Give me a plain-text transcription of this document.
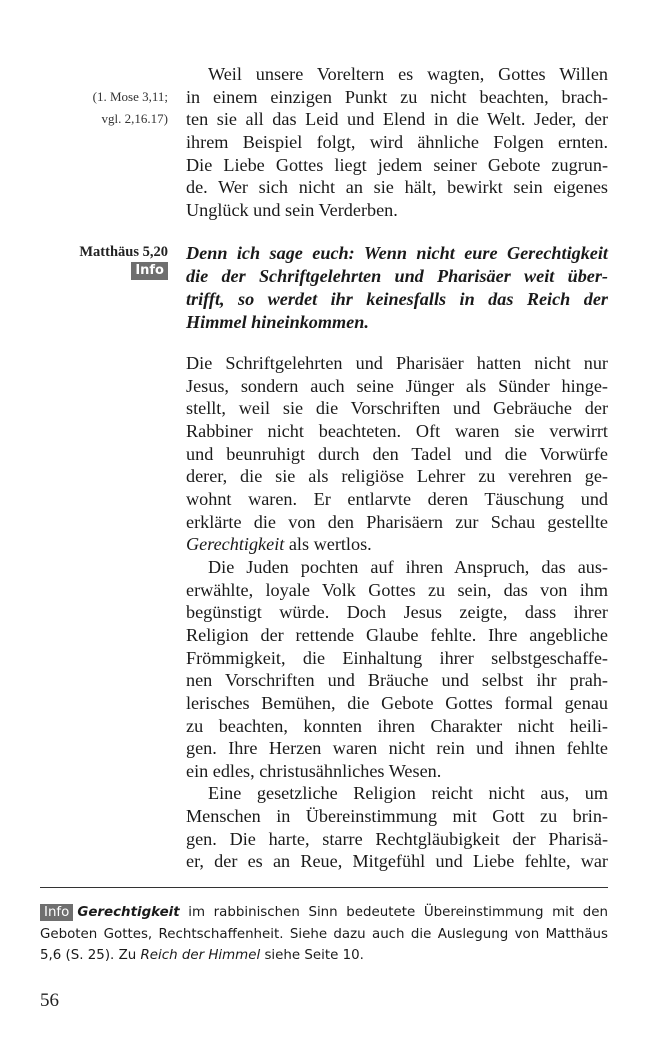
(1. Mose 3,11;
vgl. 2,16.17)
Matthäus 5,20
Info
Weil unsere Voreltern es wagten, Gottes Willen
in einem einzigen Punkt zu nicht beachten, brach-
ten sie all das Leid und Elend in die Welt. Jeder, der
ihrem Beispiel folgt, wird ähnliche Folgen ernten.
Die Liebe Gottes liegt jedem seiner Gebote zugrun-
de. Wer sich nicht an sie hält, bewirkt sein eigenes
Unglück und sein Verderben.
Denn ich sage euch: Wenn nicht eure Gerechtigkeit
die der Schriftgelehrten und Pharisäer weit über-
trifft, so werdet ihr keinesfalls in das Reich der
Himmel hineinkommen.
Die Schriftgelehrten und Pharisäer hatten nicht nur
Jesus, sondern auch seine Jünger als Sünder hinge-
stellt, weil sie die Vorschriften und Gebräuche der
Rabbiner nicht beachteten. Oft waren sie verwirrt
und beunruhigt durch den Tadel und die Vorwürfe
derer, die sie als religiöse Lehrer zu verehren ge-
wohnt waren. Er entlarvte deren Täuschung und
erklärte die von den Pharisäern zur Schau gestellte
Gerechtigkeit als wertlos.
Die Juden pochten auf ihren Anspruch, das aus-
erwählte, loyale Volk Gottes zu sein, das von ihm
begünstigt würde. Doch Jesus zeigte, dass ihrer
Religion der rettende Glaube fehlte. Ihre angebliche
Frömmigkeit, die Einhaltung ihrer selbstgeschaffe-
nen Vorschriften und Bräuche und selbst ihr prah-
lerisches Bemühen, die Gebote Gottes formal genau
zu beachten, konnten ihren Charakter nicht heili-
gen. Ihre Herzen waren nicht rein und ihnen fehlte
ein edles, christusähnliches Wesen.
Eine gesetzliche Religion reicht nicht aus, um
Menschen in Übereinstimmung mit Gott zu brin-
gen. Die harte, starre Rechtgläubigkeit der Pharisä-
er, der es an Reue, Mitgefühl und Liebe fehlte, war
Info Gerechtigkeit im rabbinischen Sinn bedeutete Übereinstimmung mit den Geboten Gottes, Rechtschaffenheit. Siehe dazu auch die Auslegung von Matthäus 5,6 (S. 25). Zu Reich der Himmel siehe Seite 10.
56
